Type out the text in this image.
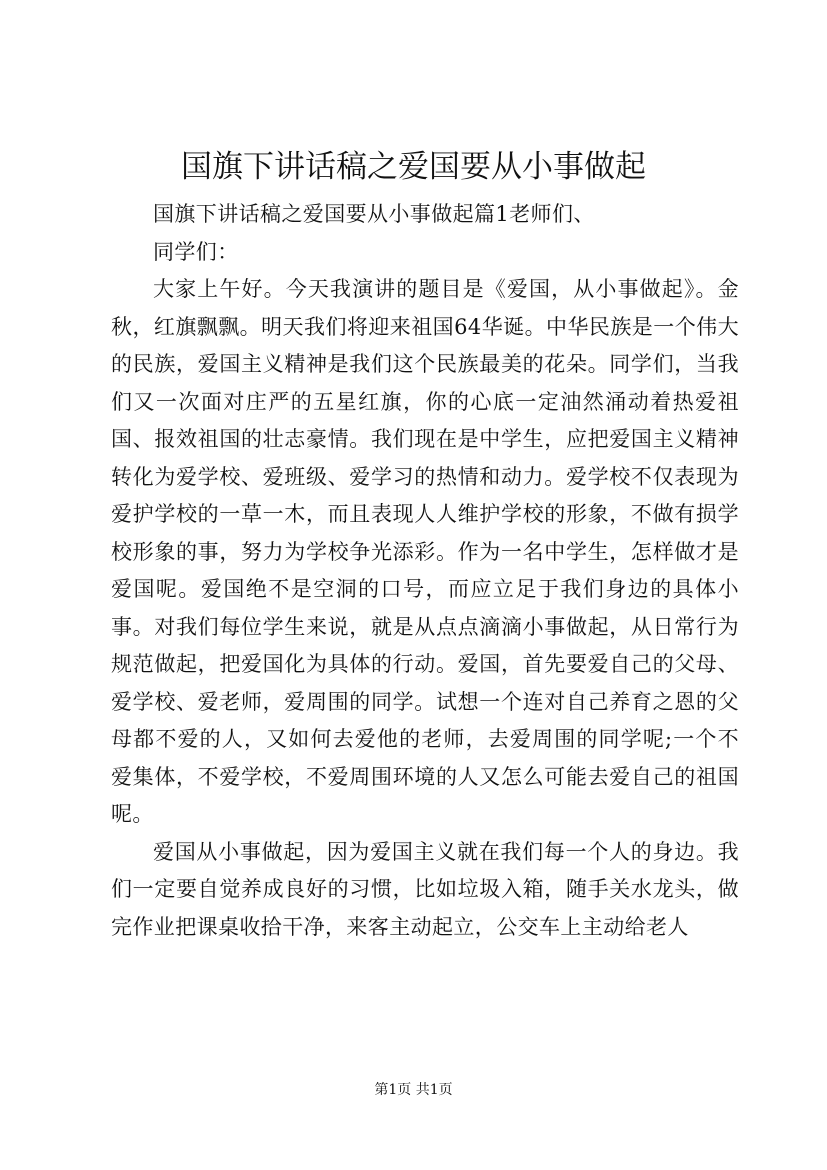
国旗下讲话稿之爱国要从小事做起

国旗下讲话稿之爱国要从小事做起篇1老师们、

同学们：

大家上午好。今天我演讲的题目是《爱国，从小事做起》。金秋，红旗飘飘。明天我们将迎来祖国64华诞。中华民族是一个伟大的民族，爱国主义精神是我们这个民族最美的花朵。同学们，当我们又一次面对庄严的五星红旗，你的心底一定油然涌动着热爱祖国、报效祖国的壮志豪情。我们现在是中学生，应把爱国主义精神转化为爱学校、爱班级、爱学习的热情和动力。爱学校不仅表现为爱护学校的一草一木，而且表现人人维护学校的形象，不做有损学校形象的事，努力为学校争光添彩。作为一名中学生，怎样做才是爱国呢。爱国绝不是空洞的口号，而应立足于我们身边的具体小事。对我们每位学生来说，就是从点点滴滴小事做起，从日常行为规范做起，把爱国化为具体的行动。爱国，首先要爱自己的父母、爱学校、爱老师，爱周围的同学。试想一个连对自己养育之恩的父母都不爱的人，又如何去爱他的老师，去爱周围的同学呢;一个不爱集体，不爱学校，不爱周围环境的人又怎么可能去爱自己的祖国呢。

爱国从小事做起，因为爱国主义就在我们每一个人的身边。我们一定要自觉养成良好的习惯，比如垃圾入箱，随手关水龙头，做完作业把课桌收拾干净，来客主动起立，公交车上主动给老人

第1页 共1页
